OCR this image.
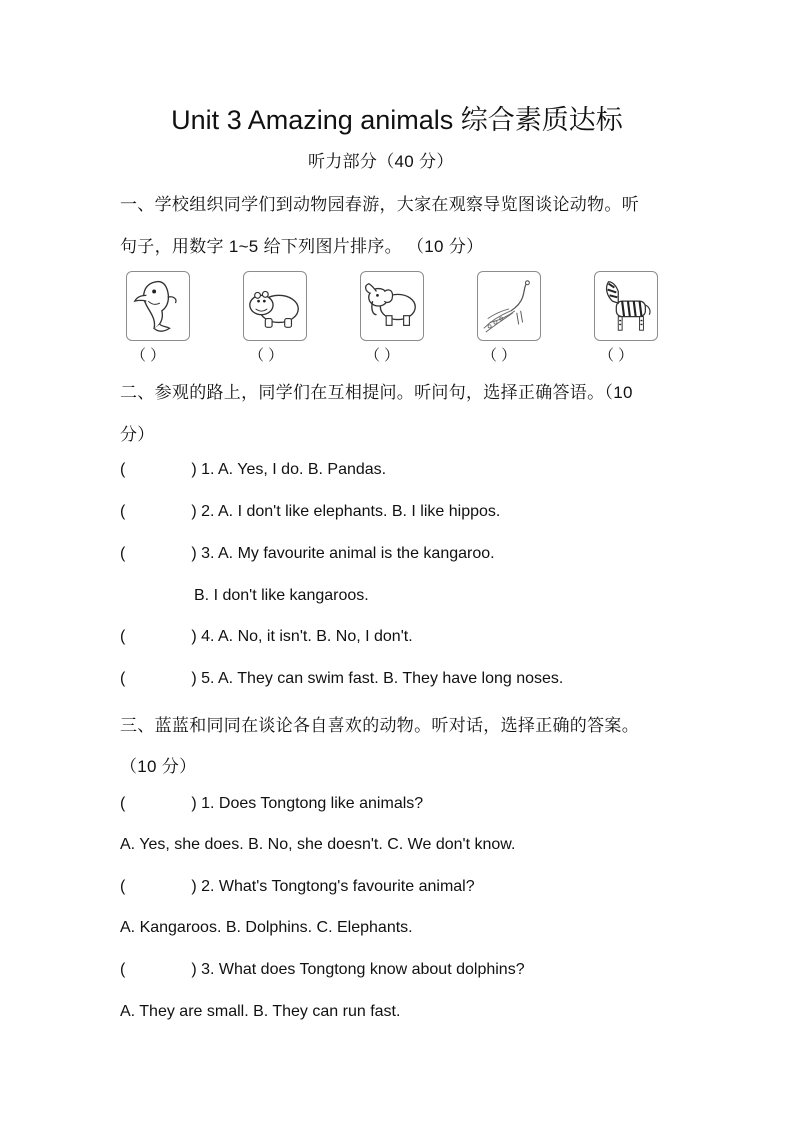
Unit 3 Amazing animals 综合素质达标
听力部分（40 分）
一、学校组织同学们到动物园春游，大家在观察导览图谈论动物。听
句子，用数字 1~5 给下列图片排序。 （10 分）
（ ）	（ ）	（ ）	（ ）	（ ）
二、参观的路上，同学们在互相提问。听问句，选择正确答语。（10
分）
(	) 1. A. Yes, I do. B. Pandas.
(	) 2. A. I don't like elephants. B. I like hippos.
(	) 3. A. My favourite animal is the kangaroo.
B. I don't like kangaroos.
(	) 4. A. No, it isn't. B. No, I don't.
(	) 5. A. They can swim fast. B. They have long noses.
三、蓝蓝和同同在谈论各自喜欢的动物。听对话，选择正确的答案。
（10 分）
(	) 1. Does Tongtong like animals?
A. Yes, she does. B. No, she doesn't. C. We don't know.
(	) 2. What's Tongtong's favourite animal?
A. Kangaroos. B. Dolphins. C. Elephants.
(	) 3. What does Tongtong know about dolphins?
A. They are small. B. They can run fast.
